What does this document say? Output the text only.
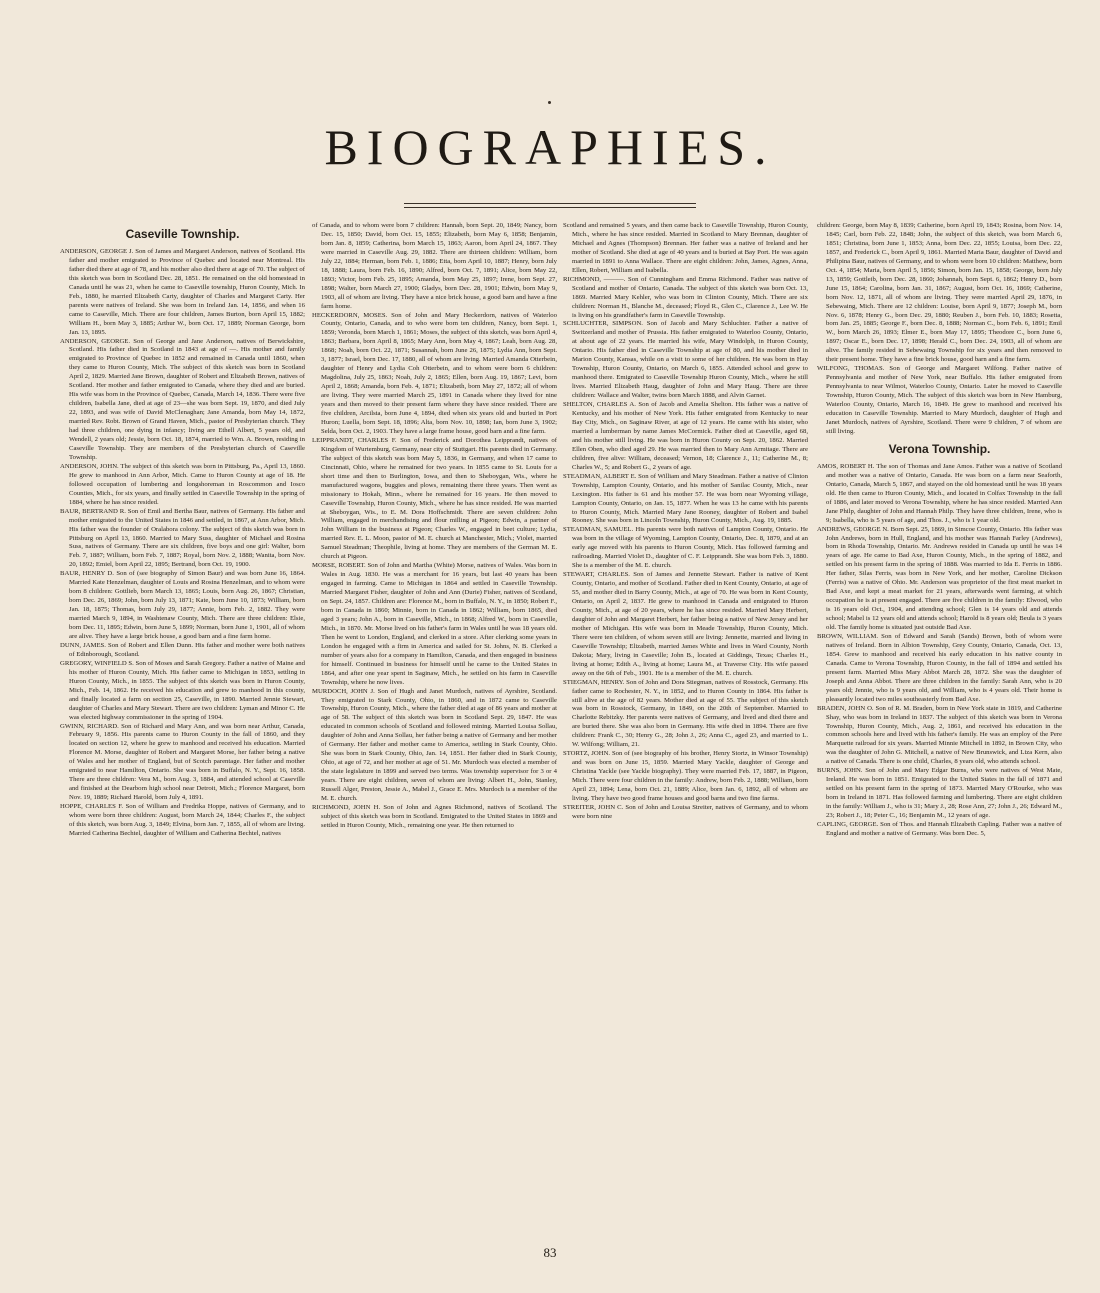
BIOGRAPHIES.
Caseville Township.

ANDERSON, GEORGE J. Son of James and Margaret Anderson, natives of Scotland. His father and mother emigrated to Province of Quebec and located near Montreal. His father died there at age of 78, and his mother also died there at age of 70. The subject of this sketch was born in Scotland Dec. 28, 1851. He remained on the old homestead in Canada until he was 21, when he came to Caseville township, Huron County, Mich. In Feb., 1880, he married Elizabeth Carty, daughter of Charles and Margaret Carty. Her parents were natives of Ireland. She was born in Ireland Jan. 14, 1856, and when 16 came to Caseville, Mich. There are four children, James Burton, born April 15, 1882; William H., born May 3, 1885; Arthur W., born Oct. 17, 1889; Norman George, born Jan. 13, 1895.

ANDERSON, GEORGE. Son of George and Jane Anderson, natives of Berwickshire, Scotland. His father died in Scotland in 1843 at age of —. His mother and family emigrated to Province of Quebec in 1852 and remained in Canada until 1860, when they came to Huron County, Mich. The subject of this sketch was born in Scotland April 2, 1829. Married Jane Brown, daughter of Robert and Elizabeth Brown, natives of Scotland. Her mother and father emigrated to Canada, where they died and are buried. His wife was born in the Province of Quebec, Canada, March 14, 1836. There were five children, Isabella Jane, died at age of 23—she was born Sept. 19, 1870, and died July 22, 1893, and was wife of David McClenaghan; Jane Amanda, born May 14, 1872, married Rev. Robt. Brown of Grand Haven, Mich., pastor of Presbyterian church. They had three children, one dying in infancy; living are Ethell Albert, 5 years old, and Wendell, 2 years old; Jessie, born Oct. 18, 1874, married to Wm. A. Brown, residing in Caseville Township. They are members of the Presbyterian church of Caseville Township.

ANDERSON, JOHN. The subject of this sketch was born in Pittsburg, Pa., April 13, 1860. He grew to manhood in Ann Arbor, Mich. Came to Huron County at age of 18. He followed occupation of lumbering and longshoreman in Roscommon and Iosco Counties, Mich., for six years, and finally settled in Caseville Township in the spring of 1884, where he has since resided.

BAUR, BERTRAND R. Son of Emil and Bertha Baur, natives of Germany. His father and mother emigrated to the United States in 1846 and settled, in 1867, at Ann Arbor, Mich. His father was the founder of Oralabora colony. The subject of this sketch was born in Pittsburg on April 13, 1860. Married to Mary Suss, daughter of Michael and Rosina Suss, natives of Germany. There are six children, five boys and one girl: Walter, born Feb. 7, 1887; William, born Feb. 7, 1887; Royal, born Nov. 2, 1888; Wanita, born Nov. 20, 1892; Emiel, born April 22, 1895; Bertrand, born Oct. 19, 1900.

BAUR, HENRY D. Son of (see biography of Simon Baur) and was born June 16, 1864. Married Kate Henzelman, daughter of Louis and Rosina Henzelman, and to whom were born 8 children: Gottlieb, born March 13, 1865; Louis, born Aug. 26, 1867; Christian, born Dec. 26, 1869; John, born July 13, 1871; Kate, born June 10, 1873; William, born Jan. 18, 1875; Thomas, born July 29, 1877; Annie, born Feb. 2, 1882. They were married March 9, 1894, in Washtenaw County, Mich. There are three children: Elsie, born Dec. 11, 1895; Edwin, born June 5, 1899; Norman, born June 1, 1901, all of whom are alive. They have a large brick house, a good barn and a fine farm home.

DUNN, JAMES. Son of Robert and Ellen Dunn. His father and mother were both natives of Edinborough, Scotland.

GREGORY, WINFIELD S. Son of Moses and Sarah Gregory. Father a native of Maine and his mother of Huron County, Mich. His father came to Michigan in 1853, settling in Huron County, Mich., in 1855. The subject of this sketch was born in Huron County, Mich., Feb. 14, 1862. He received his education and grew to manhood in this county, and finally located a farm on section 25, Caseville, in 1890. Married Jennie Stewart, daughter of Charles and Mary Stewart. There are two children: Lyman and Minor C. He was elected highway commissioner in the spring of 1904.

GWINN, RICHARD. Son of Richard and Mary Ann, and was born near Arthur, Canada, February 9, 1856. His parents came to Huron County in the fall of 1860, and they located on section 12, where he grew to manhood and received his education. Married Florence M. Morse, daughter of Robert and Margaret Morse, her father being a native of Wales and her mother of England, but of Scotch parentage. Her father and mother emigrated to near Hamilton, Ontario. She was born in Buffalo, N. Y., Sept. 16, 1858. There are three children: Vera M., born Aug. 3, 1884, and attended school at Caseville and finished at the Dearborn high school near Detroit, Mich.; Florence Margaret, born Nov. 19, 1889; Richard Harold, born July 4, 1891.

HOPPE, CHARLES F. Son of William and Fredrika Hoppe, natives of Germany, and to whom were born three children: August, born March 24, 1844; Charles F., the subject of this sketch, was born Aug. 3, 1849; Elvina, born Jan. 7, 1855, all of whom are living. Married Catherina Bechtel, daughter of William and Catherina Bechtel, natives

of Canada, and to whom were born 7 children: Hannah, born Sept. 20, 1849; Nancy, born Dec. 15, 1850; David, born Oct. 15, 1855; Elizabeth, born May 6, 1858; Benjamin, born Jan. 8, 1859; Catherina, born March 15, 1863; Aaron, born April 24, 1867. They were married in Caseville Aug. 29, 1882. There are thirteen children: William, born July 22, 1884; Herman, born Feb. 1, 1886; Etta, born April 10, 1887; Henry, born July 18, 1888; Laura, born Feb. 16, 1890; Alfred, born Oct. 7, 1891; Alice, born May 22, 1893; Victor, born Feb. 25, 1895; Amanda, born May 25, 1897; Irene, born Sept. 27, 1898; Walter, born March 27, 1900; Gladys, born Dec. 28, 1901; Edwin, born May 9, 1903, all of whom are living. They have a nice brick house, a good barn and have a fine farm home.

HECKERDORN, MOSES. Son of John and Mary Heckerdorn, natives of Waterloo County, Ontario, Canada, and to who were born ten children, Nancy, born Sept. 1, 1859; Veronda, born March 1, 1861; Moses, the subject of this sketch, was born April 4, 1863; Barbara, born April 8, 1865; Mary Ann, born May 4, 1867; Leah, born Aug. 28, 1868; Noah, born Oct. 22, 1871; Susannah, born June 26, 1875; Lydia Ann, born Sept. 3, 1877; Israel, born Dec. 17, 1880, all of whom are living. Married Amanda Otterbein, daughter of Henry and Lydia Coh Otterbein, and to whom were born 6 children: Magdolina, July 25, 1863; Noah, July 2, 1865; Ellen, born Aug. 19, 1867; Levi, born April 2, 1868; Amanda, born Feb. 4, 1871; Elizabeth, born May 27, 1872; all of whom are living. They were married March 25, 1891 in Canada where they lived for nine years and then moved to their present farm where they have since resided. There are five children, Arcilsta, born June 4, 1894, died when six years old and buried in Port Huron; Luella, born Sept. 18, 1896; Alta, born Nov. 10, 1898; Ian, born June 3, 1902; Selda, born Oct. 2, 1903. They have a large frame house, good barn and a fine farm.

LEIPPRANDT, CHARLES F. Son of Frederick and Dorothea Leipprandt, natives of Kingdom of Wurtemburg, Germany, near city of Stuttgart. His parents died in Germany. The subject of this sketch was born May 5, 1836, in Germany, and when 17 came to Cincinnati, Ohio, where he remained for two years. In 1855 came to St. Louis for a short time and then to Burlington, Iowa, and then to Sheboygan, Wis., where he manufactured wagons, buggies and plows, remaining there three years. Then went as missionary to Hokah, Minn., where he remained for 16 years. He then moved to Caseville Township, Huron County, Mich., where he has since resided. He was married at Sheboygan, Wis., to E. M. Dora Hoffschmidt. There are seven children: John William, engaged in merchandising and flour milling at Pigeon; Edwin, a partner of John William in the business at Pigeon; Charles W., engaged in beet culture; Lydia, married Rev. E. L. Moon, pastor of M. E. church at Manchester, Mich.; Violet, married Samuel Steadman; Theophile, living at home. They are members of the German M. E. church at Pigeon.

MORSE, ROBERT. Son of John and Martha (White) Morse, natives of Wales. Was born in Wales in Aug. 1830. He was a merchant for 16 years, but last 40 years has been engaged in farming. Came to Michigan in 1864 and settled in Caseville Township. Married Margaret Fisher, daughter of John and Ann (Durie) Fisher, natives of Scotland, on Sept. 24, 1857. Children are: Florence M., born in Buffalo, N. Y., in 1850; Robert F., born in Canada in 1860; Minnie, born in Canada in 1862; William, born 1865, died aged 3 years; John A., born in Caseville, Mich., in 1868; Alfred W., born in Caseville, Mich., in 1870. Mr. Morse lived on his father's farm in Wales until he was 18 years old. Then he went to London, England, and clerked in a store. After clerking some years in London he engaged with a firm in America and sailed for St. Johns, N. B. Clerked a number of years also for a company in Hamilton, Canada, and then engaged in business for himself. Continued in business for himself until he came to the United States in 1864, and after one year spent in Saginaw, Mich., he settled on his farm in Caseville Township, where he now lives.

MURDOCH, JOHN J. Son of Hugh and Janet Murdoch, natives of Ayrshire, Scotland. They emigrated to Stark County, Ohio, in 1860, and in 1872 came to Caseville Township, Huron County, Mich., where the father died at age of 86 years and mother at age of 58. The subject of this sketch was born in Scotland Sept. 29, 1847. He was educated in common schools of Scotland and followed mining. Married Louisa Sollau, daughter of John and Anna Sollau, her father being a native of Germany and her mother of Germany. Her father and mother came to America, settling in Stark County, Ohio. She was born in Stark County, Ohio, Jan. 14, 1851. Her father died in Stark County, Ohio, at age of 72, and her mother at age of 51. Mr. Murdoch was elected a member of the state legislature in 1899 and served two terms. Was township supervisor for 3 or 4 years. There are eight children, seven of whom are living: Albert H., John, Stanley, Russell Alger, Preston, Jessie A., Mabel J., Grace E. Mrs. Murdoch is a member of the M. E. church.

RICHMOND, JOHN H. Son of John and Agnes Richmond, natives of Scotland. The subject of this sketch was born in Scotland. Emigrated to the United States in 1869 and settled in Huron County, Mich., remaining one year. He then returned to

Scotland and remained 5 years, and then came back to Caseville Township, Huron County, Mich., where he has since resided. Married in Scotland to Mary Brennan, daughter of Michael and Agnes (Thompson) Brennan. Her father was a native of Ireland and her mother of Scotland. She died at age of 40 years and is buried at Bay Port. He was again married in 1891 to Anna Wallace. There are eight children: John, James, Agnes, Anna, Ellen, Robert, William and Isabella.

RICHMOND, ———. Son of Cunningham and Emma Richmond. Father was native of Scotland and mother of Ontario, Canada. The subject of this sketch was born Oct. 13, 1869. Married Mary Kehler, who was born in Clinton County, Mich. There are six children: Norman H., Blanche M., deceased; Floyd R., Glen C., Clarence J., Lee W. He is living on his grandfather's farm in Caseville Township.

SCHLUCHTER, SIMPSON. Son of Jacob and Mary Schluchter. Father a native of Switzerland and mother of Prussia. His father emigrated to Waterloo County, Ontario, at about age of 22 years. He married his wife, Mary Windolph, in Huron County, Ontario. His father died in Caseville Township at age of 80, and his mother died in Marion County, Kansas, while on a visit to some of her children. He was born in Hay Township, Huron County, Ontario, on March 6, 1855. Attended school and grew to manhood there. Emigrated to Caseville Township Huron County, Mich., where he still lives. Married Elizabeth Haug, daughter of John and Mary Haug. There are three children: Wallace and Walter, twins born March 1888, and Alvin Garnet.

SHELTON, CHARLES A. Son of Jacob and Amelia Shelton. His father was a native of Kentucky, and his mother of New York. His father emigrated from Kentucky to near Bay City, Mich., on Saginaw River, at age of 12 years. He came with his sister, who married a lumberman by name James McCormick. Father died at Caseville, aged 68, and his mother still living. He was born in Huron County on Sept. 20, 1862. Married Ellen Oben, who died aged 29. He was married then to Mary Ann Armitage. There are children, five alive: William, deceased; Vernon, 18; Clarence J., 11; Catherine M., 8; Charles W., 5; and Robert G., 2 years of age.

STEADMAN, ALBERT E. Son of William and Mary Steadman. Father a native of Clinton Township, Lampton County, Ontario, and his mother of Sanilac County, Mich., near Lexington. His father is 61 and his mother 57. He was born near Wyoming village, Lampton County, Ontario, on Jan. 15, 1877. When he was 13 he came with his parents to Huron County, Mich. Married Mary Jane Rooney, daughter of Robert and Isabel Rooney. She was born in Lincoln Township, Huron County, Mich., Aug. 19, 1885.

STEADMAN, SAMUEL. His parents were both natives of Lampton County, Ontario. He was born in the village of Wyoming, Lampton County, Ontario, Dec. 8, 1879, and at an early age moved with his parents to Huron County, Mich. Has followed farming and railroading. Married Violet D., daughter of C. F. Leipprandt. She was born Feb. 3, 1880. She is a member of the M. E. church.

STEWART, CHARLES. Son of James and Jennette Stewart. Father is native of Kent County, Ontario, and mother of Scotland. Father died in Kent County, Ontario, at age of 55, and mother died in Barry County, Mich., at age of 70. He was born in Kent County, Ontario, on April 2, 1837. He grew to manhood in Canada and emigrated to Huron County, Mich., at age of 20 years, where he has since resided. Married Mary Herbert, daughter of John and Margaret Herbert, her father being a native of New Jersey and her mother of Michigan. His wife was born in Meade Township, Huron County, Mich. There were ten children, of whom seven still are living: Jennette, married and living in Caseville Township; Elizabeth, married James White and lives in Ward County, North Dakota; Mary, living in Caseville; John B., located at Giddings, Texas; Charles H., living at home; Edith A., living at home; Laura M., at Traverse City. His wife passed away on the 6th of Feb., 1901. He is a member of the M. E. church.

STIEGMAN, HENRY. Son of John and Dora Stiegman, natives of Rosstock, Germany. His father came to Rochester, N. Y., in 1852, and to Huron County in 1864. His father is still alive at the age of 82 years. Mother died at age of 55. The subject of this sketch was born in Rosstock, Germany, in 1849, on the 20th of September. Married to Charlotte Rebitzky. Her parents were natives of Germany, and lived and died there and are buried there. She was also born in Germany. His wife died in 1894. There are five children: Frank C., 30; Henry G., 28; John J., 26; Anna C., aged 23, and married to L. W. Wilfong; William, 21.

STORTZ, JOHN. Son of (see biography of his brother, Henry Stortz, in Winsor Township) and was born on June 15, 1859. Married Mary Yackle, daughter of George and Christina Yackle (see Yackle biography). They were married Feb. 17, 1887, in Pigeon, Mich. There were four children in the family: Andrew, born Feb. 2, 1888; William, born April 23, 1894; Lena, born Oct. 21, 1889; Alice, born Jan. 6, 1892, all of whom are living. They have two good frame houses and good barns and two fine farms.

STREITER, JOHN C. Son of John and Louisa Streiter, natives of Germany, and to whom were born nine

children: George, born May 8, 1839; Catherine, born April 19, 1843; Rosina, born Nov. 14, 1845; Carl, born Feb. 22, 1848; John, the subject of this sketch, was born March 6, 1851; Christina, born June 1, 1853; Anna, born Dec. 22, 1855; Louisa, born Dec. 22, 1857, and Frederick C., born April 9, 1861. Married Maria Baur, daughter of David and Philipina Baur, natives of Germany, and to whom were born 10 children: Matthew, born Oct. 4, 1854; Maria, born April 5, 1856; Simon, born Jan. 15, 1858; George, born July 13, 1859; Gottleib, born Dec. 28, 1860; Johannah, born Sept. 6, 1862; Henry D., born June 15, 1864; Carolina, born Jan. 31, 1867; August, born Oct. 16, 1869; Catherine, born Nov. 12, 1871, all of whom are living. They were married April 29, 1876, in Sebewaing, Mich. There are 12 children: Louise, born April 9, 1877; Joseph M., born Nov. 6, 1878; Henry G., born Dec. 29, 1880; Reuben J., born Feb. 10, 1883; Rosetta, born Jan. 25, 1885; George F., born Dec. 8, 1888; Norman C., born Feb. 6, 1891; Emil W., born March 26, 1893; Elmer E., born May 17, 1895; Theodore C., born June 6, 1897; Oscar E., born Dec. 17, 1898; Herald C., born Dec. 24, 1903, all of whom are alive. The family resided in Sebewaing Township for six years and then removed to their present home. They have a fine brick house, good barn and a fine farm.

WILFONG, THOMAS. Son of George and Margaret Wilfong. Father native of Pennsylvania and mother of New York, near Buffalo. His father emigrated from Pennsylvania to near Wilmot, Waterloo County, Ontario. Later he moved to Caseville Township, Huron County, Mich. The subject of this sketch was born in New Hamburg, Waterloo County, Ontario, March 16, 1849. He grew to manhood and received his education in Caseville Township. Married to Mary Murdoch, daughter of Hugh and Janet Murdoch, natives of Ayrshire, Scotland. There were 9 children, 7 of whom are still living.

Verona Township.

AMOS, ROBERT H. The son of Thomas and Jane Amos. Father was a native of Scotland and mother was a native of Ontario, Canada. He was born on a farm near Seaforth, Ontario, Canada, March 5, 1867, and stayed on the old homestead until he was 18 years old. He then came to Huron County, Mich., and located in Colfax Township in the fall of 1886, and later moved to Verona Township, where he has since resided. Married Ann Jane Philp, daughter of John and Hannah Philp. They have three children, Irene, who is 9; Isabella, who is 5 years of age, and Thos. J., who is 1 year old.

ANDREWS, GEORGE N. Born Sept. 25, 1869, in Simcoe County, Ontario. His father was John Andrews, born in Hull, England, and his mother was Hannah Farley (Andrews), born in Rhoda Township, Ontario. Mr. Andrews resided in Canada up until he was 14 years of age. He came to Bad Axe, Huron County, Mich., in the spring of 1882, and settled on his present farm in the spring of 1888. Was married to Ida E. Ferris in 1886. Her father, Silas Ferris, was born in New York, and her mother, Caroline Dickson (Ferris) was a native of Ohio. Mr. Anderson was proprietor of the first meat market in Bad Axe, and kept a meat market for 21 years, afterwards went farming, at which occupation he is at present engaged. There are five children in the family: Elwood, who is 16 years old Oct., 1904, and attending school; Glen is 14 years old and attends school; Mabel is 12 years old and attends school; Harold is 8 years old; Beula is 3 years old. The family home is situated just outside Bad Axe.

BROWN, WILLIAM. Son of Edward and Sarah (Sands) Brown, both of whom were natives of Ireland. Born in Albion Township, Grey County, Ontario, Canada, Oct. 13, 1854. Grew to manhood and received his early education in his native county in Canada. Came to Verona Township, Huron County, in the fall of 1894 and settled his present farm. Married Miss Mary Abbot March 28, 1872. She was the daughter of Joseph and Anna Abbot. There are three children in the family: Sarah Ann, who is 20 years old; Jennie, who is 9 years old, and William, who is 4 years old. Their home is pleasantly located two miles southeasterly from Bad Axe.

BRADEN, JOHN O. Son of R. M. Braden, born in New York state in 1819, and Catherine Shay, who was born in Ireland in 1837. The subject of this sketch was born in Verona Township, Huron County, Mich., Aug. 2, 1861, and received his education in the common schools here and lived with his father's family. He was an employ of the Pere Marquette railroad for six years. Married Minnie Mitchell in 1892, in Brown City, who was the daughter of John G. Mitchell, a native of New Brunswick, and Liza Kern, also a native of Canada. There is one child, Charles, 8 years old, who attends school.

BURNS, JOHN. Son of John and Mary Edgar Burns, who were natives of West Mate, Ireland. He was born in 1851. Emigrated to the United States in the fall of 1871 and settled on his present farm in the spring of 1873. Married Mary O'Rourke, who was born in Ireland in 1871. Has followed farming and lumbering. There are eight children in the family: William J., who is 31; Mary J., 28; Rose Ann, 27; John J., 26; Edward M., 23; Robert J., 18; Peter C., 16; Benjamin M., 12 years of age.

CAPLING, GEORGE. Son of Thos. and Hannah Elizabeth Capling. Father was a native of England and mother a native of Germany. Was born Dec. 5,

83
